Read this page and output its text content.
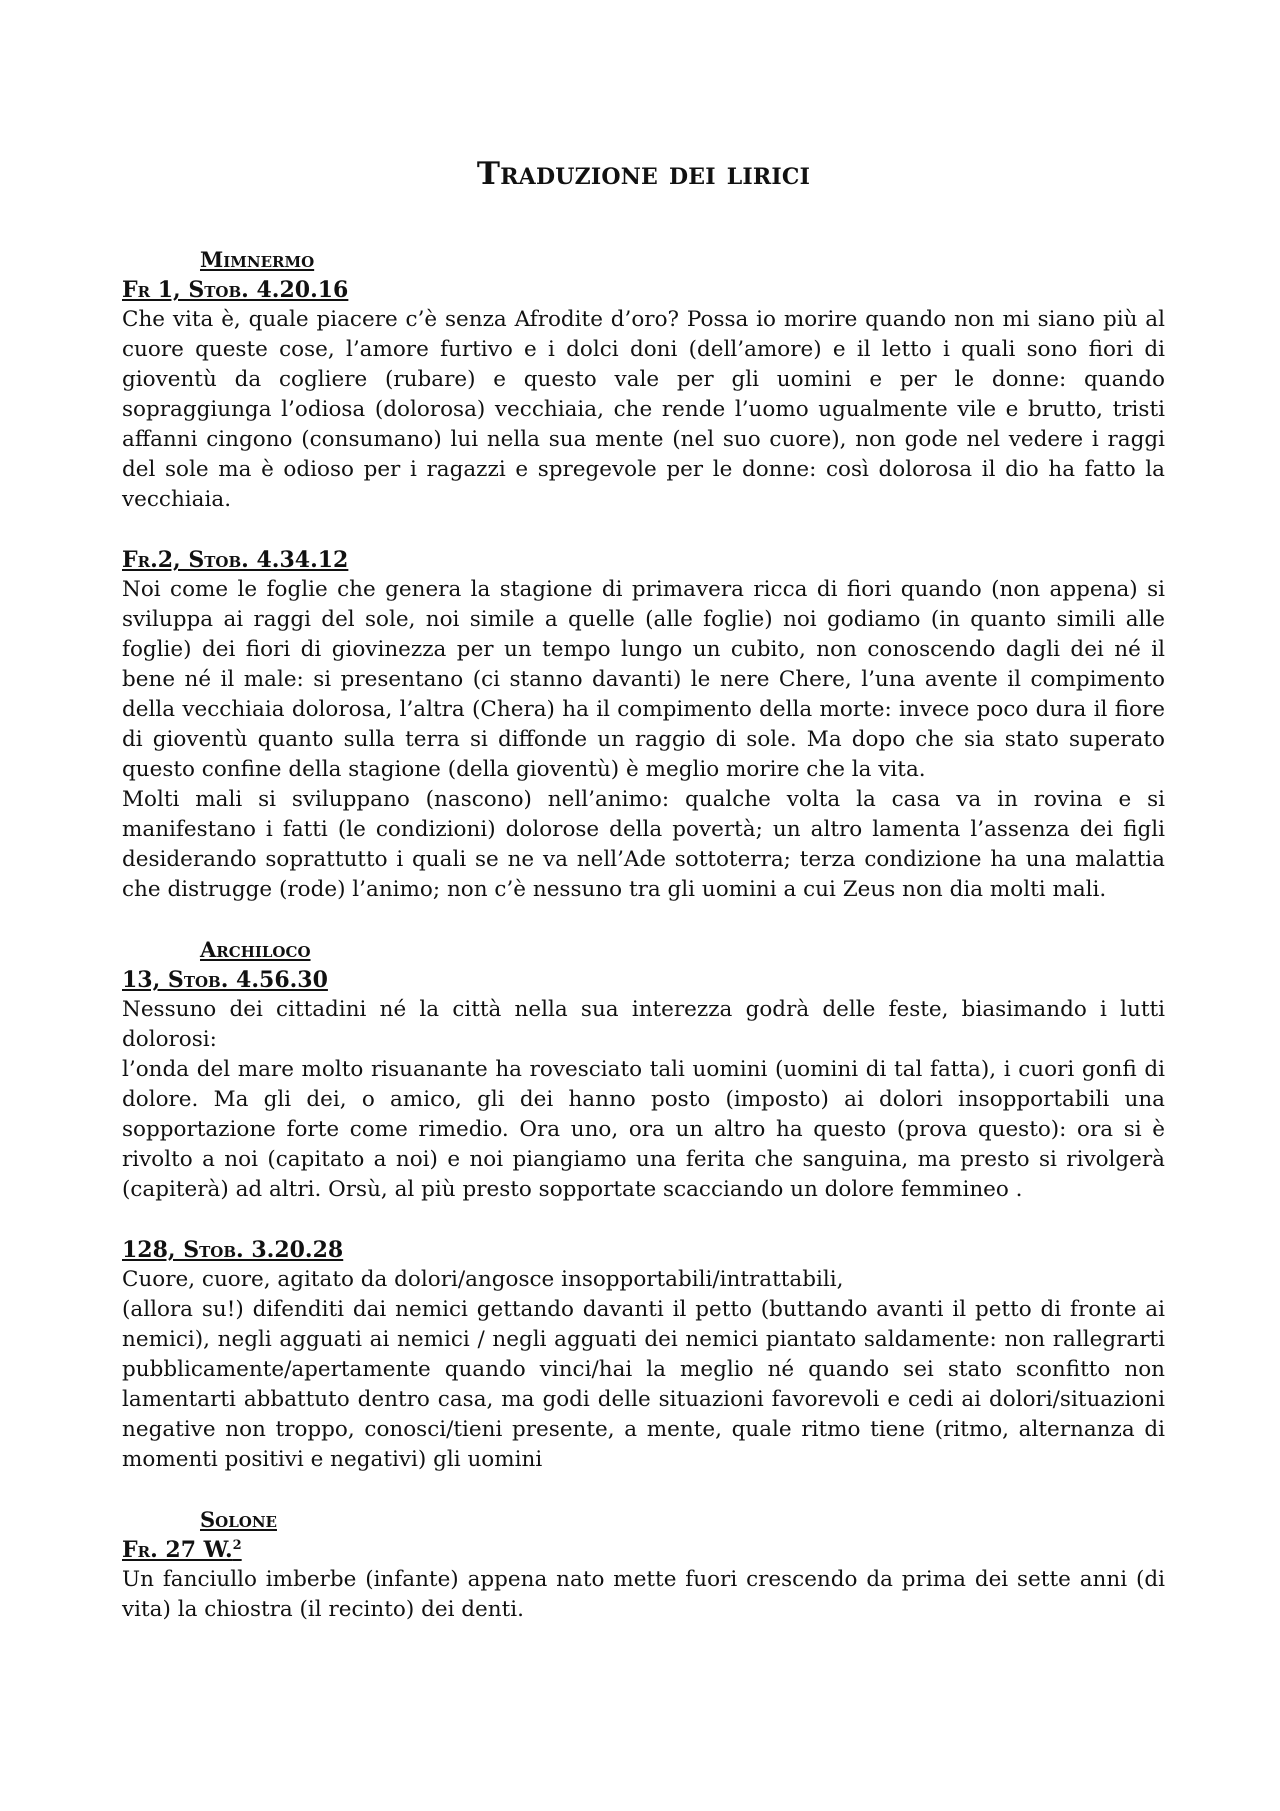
Traduzione dei lirici
Mimnermo
Fr 1, Stob. 4.20.16

Che vita è, quale piacere c’è senza Afrodite d’oro? Possa io morire quando non mi siano più al cuore queste cose, l’amore furtivo e i dolci doni (dell’amore) e il letto i quali sono fiori di gioventù da cogliere (rubare) e questo vale per gli uomini e per le donne: quando sopraggiunga l’odiosa (dolorosa) vecchiaia, che rende l’uomo ugualmente vile e brutto, tristi affanni cingono (consumano) lui nella sua mente (nel suo cuore), non gode nel vedere i raggi del sole ma è odioso per i ragazzi e spregevole per le donne: così dolorosa il dio ha fatto la vecchiaia.

Fr.2, Stob. 4.34.12

Noi come le foglie che genera la stagione di primavera ricca di fiori quando (non appena) si sviluppa ai raggi del sole, noi simile a quelle (alle foglie) noi godiamo (in quanto simili alle foglie) dei fiori di giovinezza per un tempo lungo un cubito, non conoscendo dagli dei né il bene né il male: si presentano (ci stanno davanti) le nere Chere, l’una avente il compimento della vecchiaia dolorosa, l’altra (Chera) ha il compimento della morte: invece poco dura il fiore di gioventù quanto sulla terra si diffonde un raggio di sole. Ma dopo che sia stato superato questo confine della stagione (della gioventù) è meglio morire che la vita.

Molti mali si sviluppano (nascono) nell’animo: qualche volta la casa va in rovina e si manifestano i fatti (le condizioni) dolorose della povertà; un altro lamenta l’assenza dei figli desiderando soprattutto i quali se ne va nell’Ade sottoterra; terza condizione ha una malattia che distrugge (rode) l’animo; non c’è nessuno tra gli uomini a cui Zeus non dia molti mali.

Archiloco
13, Stob. 4.56.30

Nessuno dei cittadini né la città nella sua interezza godrà delle feste, biasimando i lutti dolorosi:

l’onda del mare molto risuanante ha rovesciato tali uomini (uomini di tal fatta), i cuori gonfi di dolore. Ma gli dei, o amico, gli dei hanno posto (imposto) ai dolori insopportabili una sopportazione forte come rimedio. Ora uno, ora un altro ha questo (prova questo): ora si è rivolto a noi (capitato a noi) e noi piangiamo una ferita che sanguina, ma presto si rivolgerà (capiterà) ad altri. Orsù, al più presto sopportate scacciando un dolore femmineo .

128, Stob. 3.20.28

Cuore, cuore, agitato da dolori/angosce insopportabili/intrattabili,

(allora su!) difenditi dai nemici gettando davanti il petto (buttando avanti il petto di fronte ai nemici), negli agguati ai nemici / negli agguati dei nemici piantato saldamente: non rallegrarti pubblicamente/apertamente quando vinci/hai la meglio né quando sei stato sconfitto non lamentarti abbattuto dentro casa, ma godi delle situazioni favorevoli e cedi ai dolori/situazioni negative non troppo, conosci/tieni presente, a mente, quale ritmo tiene (ritmo, alternanza di momenti positivi e negativi) gli uomini

Solone
Fr. 27 W.$^2$

Un fanciullo imberbe (infante) appena nato mette fuori crescendo da prima dei sette anni (di vita) la chiostra (il recinto) dei denti.
